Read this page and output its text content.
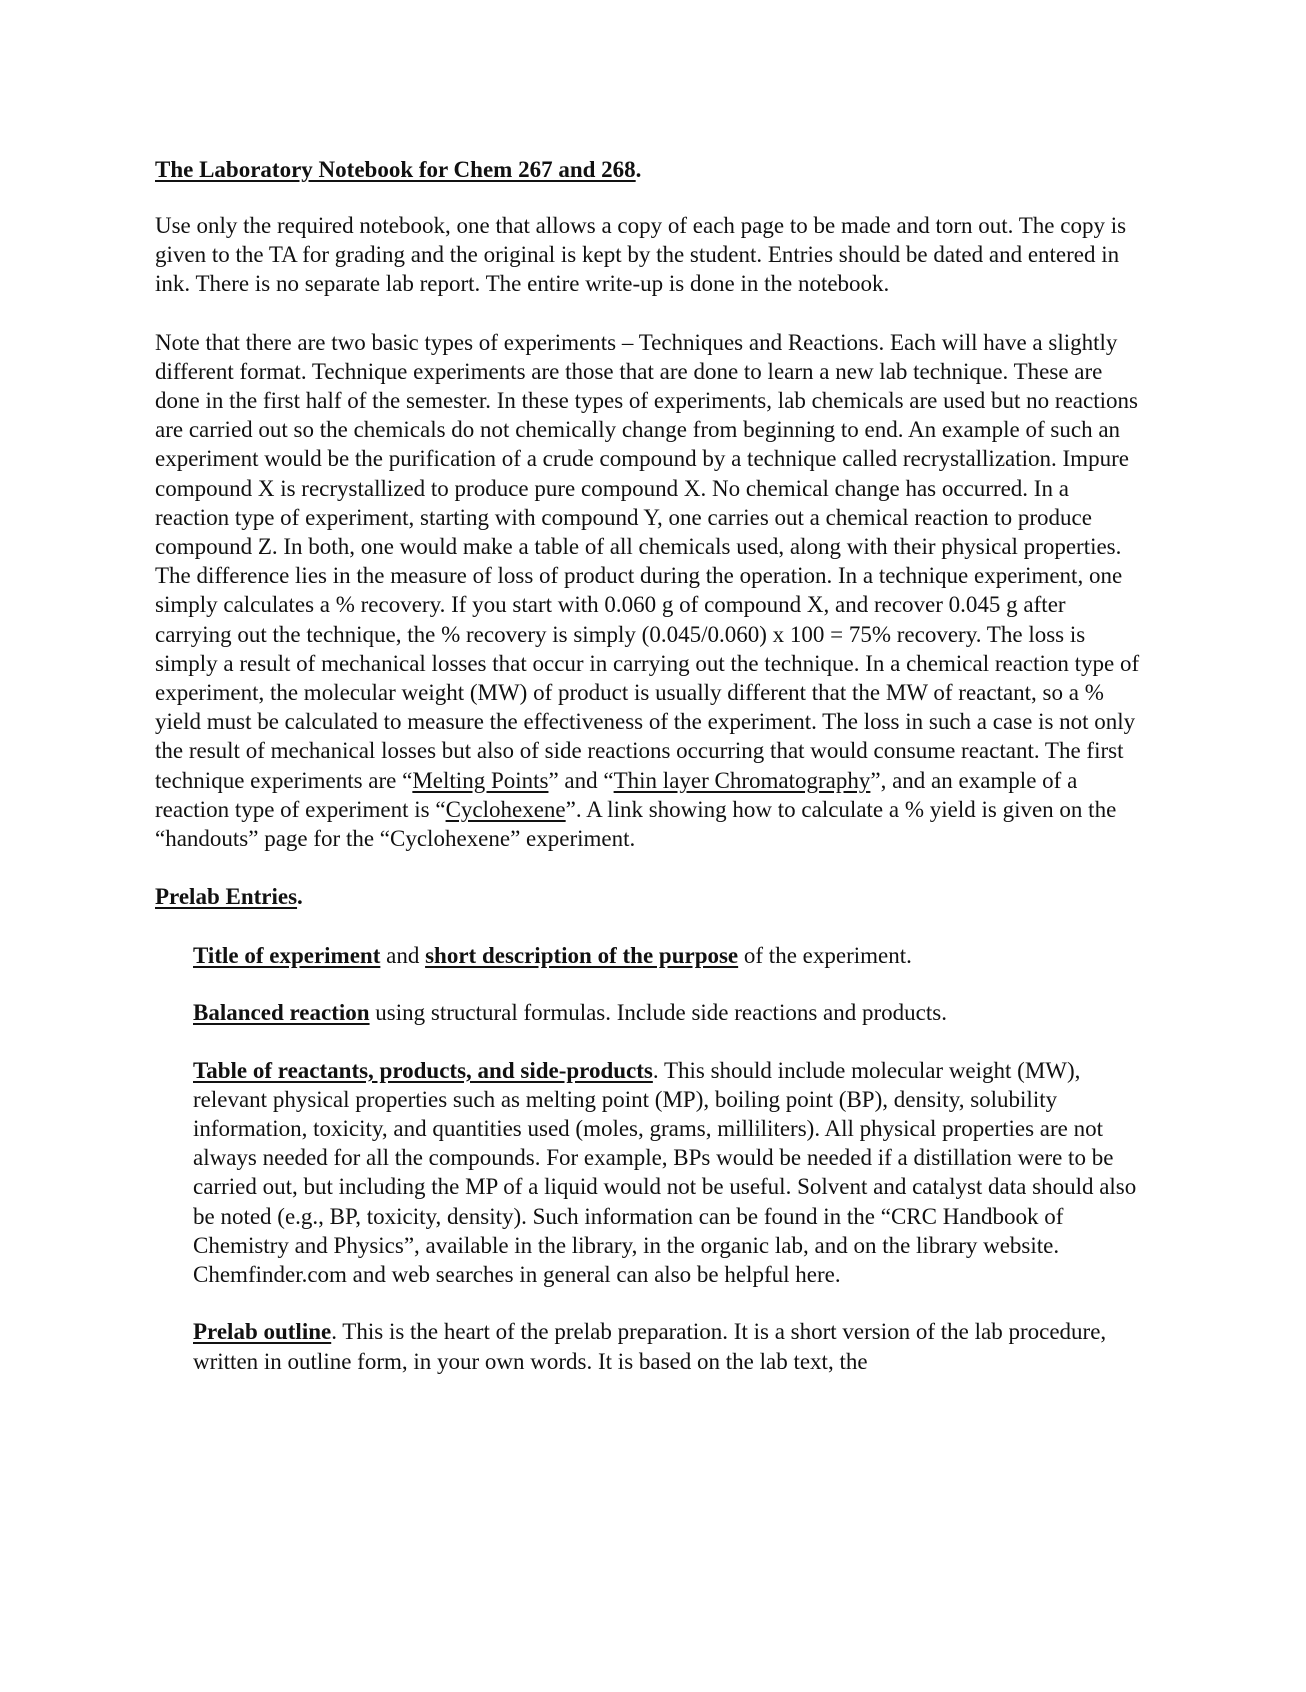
The Laboratory Notebook for Chem 267 and 268.

Use only the required notebook, one that allows a copy of each page to be made and torn out. The copy is given to the TA for grading and the original is kept by the student. Entries should be dated and entered in ink. There is no separate lab report. The entire write-up is done in the notebook.

Note that there are two basic types of experiments – Techniques and Reactions. Each will have a slightly different format. Technique experiments are those that are done to learn a new lab technique. These are done in the first half of the semester. In these types of experiments, lab chemicals are used but no reactions are carried out so the chemicals do not chemically change from beginning to end. An example of such an experiment would be the purification of a crude compound by a technique called recrystallization. Impure compound X is recrystallized to produce pure compound X. No chemical change has occurred. In a reaction type of experiment, starting with compound Y, one carries out a chemical reaction to produce compound Z. In both, one would make a table of all chemicals used, along with their physical properties. The difference lies in the measure of loss of product during the operation. In a technique experiment, one simply calculates a % recovery. If you start with 0.060 g of compound X, and recover 0.045 g after carrying out the technique, the % recovery is simply (0.045/0.060) x 100 = 75% recovery. The loss is simply a result of mechanical losses that occur in carrying out the technique. In a chemical reaction type of experiment, the molecular weight (MW) of product is usually different that the MW of reactant, so a % yield must be calculated to measure the effectiveness of the experiment. The loss in such a case is not only the result of mechanical losses but also of side reactions occurring that would consume reactant. The first technique experiments are “Melting Points” and “Thin layer Chromatography”, and an example of a reaction type of experiment is “Cyclohexene”. A link showing how to calculate a % yield is given on the “handouts” page for the “Cyclohexene” experiment.

Prelab Entries.

Title of experiment and short description of the purpose of the experiment.

Balanced reaction using structural formulas. Include side reactions and products.

Table of reactants, products, and side-products. This should include molecular weight (MW), relevant physical properties such as melting point (MP), boiling point (BP), density, solubility information, toxicity, and quantities used (moles, grams, milliliters). All physical properties are not always needed for all the compounds. For example, BPs would be needed if a distillation were to be carried out, but including the MP of a liquid would not be useful. Solvent and catalyst data should also be noted (e.g., BP, toxicity, density). Such information can be found in the “CRC Handbook of Chemistry and Physics”, available in the library, in the organic lab, and on the library website. Chemfinder.com and web searches in general can also be helpful here.

Prelab outline. This is the heart of the prelab preparation. It is a short version of the lab procedure, written in outline form, in your own words. It is based on the lab text, the
